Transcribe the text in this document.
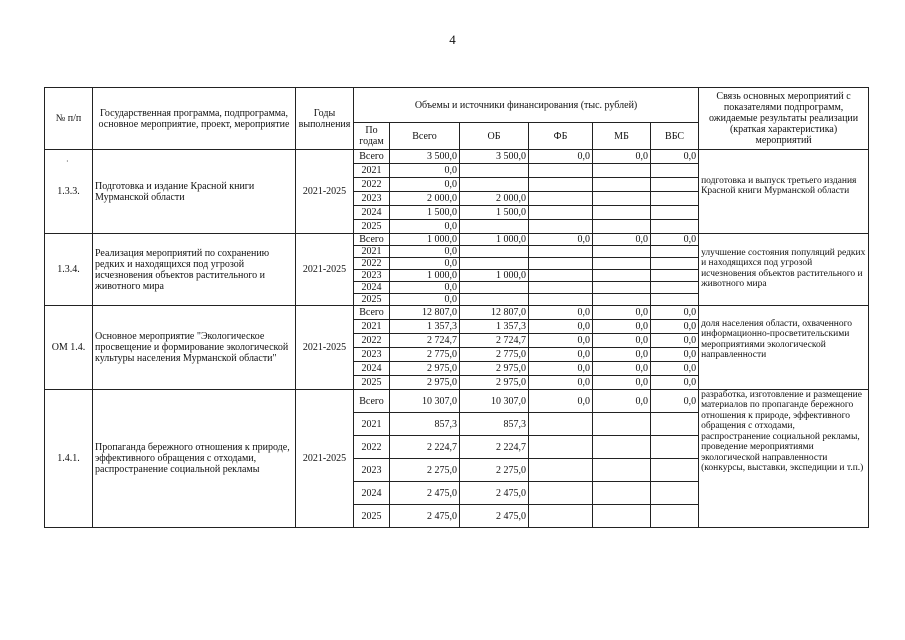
4
·
№ п/п	Государственная программа, подпрограмма, основное мероприятие, проект, мероприятие	Годы выполнения	Объемы и источники финансирования (тыс. рублей)						Связь основных мероприятий с показателями подпрограмм, ожидаемые результаты реализации (краткая характеристика) мероприятий
			По годам	Всего	ОБ	ФБ	МБ	ВБС	
1.3.3.	Подготовка и издание Красной книги Мурманской области	2021-2025	Всего	3 500,0	3 500,0	0,0	0,0	0,0	подготовка и выпуск третьего издания Красной книги Мурманской области

			2021	0,0					
			2022	0,0					
			2023	2 000,0	2 000,0				
			2024	1 500,0	1 500,0				
			2025	0,0					
1.3.4.	Реализация мероприятий по сохранению редких и находящихся под угрозой исчезновения объектов растительного и животного мира	2021-2025	Всего	1 000,0	1 000,0	0,0	0,0	0,0	улучшение состояния популяций редких и находящихся под угрозой исчезновения объектов растительного и животного мира

			2021	0,0					
			2022	0,0					
			2023	1 000,0	1 000,0				
			2024	0,0					
			2025	0,0					
ОМ 1.4.	Основное мероприятие "Экологическое просвещение и формирование экологической культуры населения Мурманской области"	2021-2025	Всего	12 807,0	12 807,0	0,0	0,0	0,0	доля населения области, охваченного информационно-просветительскими мероприятиями экологической направленности

			2021	1 357,3	1 357,3	0,0	0,0	0,0	
			2022	2 724,7	2 724,7	0,0	0,0	0,0	
			2023	2 775,0	2 775,0	0,0	0,0	0,0	
			2024	2 975,0	2 975,0	0,0	0,0	0,0	
			2025	2 975,0	2 975,0	0,0	0,0	0,0	
1.4.1.	Пропаганда бережного отношения к природе, эффективного обращения с отходами, распространение социальной рекламы	2021-2025	Всего	10 307,0	10 307,0	0,0	0,0	0,0	разработка, изготовление и размещение материалов по пропаганде бережного отношения к природе, эффективного обращения с отходами, распространение социальной рекламы, проведение мероприятиями экологической направленности (конкурсы, выставки, экспедиции и т.п.)

			2021	857,3	857,3				
			2022	2 224,7	2 224,7				
			2023	2 275,0	2 275,0				
			2024	2 475,0	2 475,0				
			2025	2 475,0	2 475,0				
